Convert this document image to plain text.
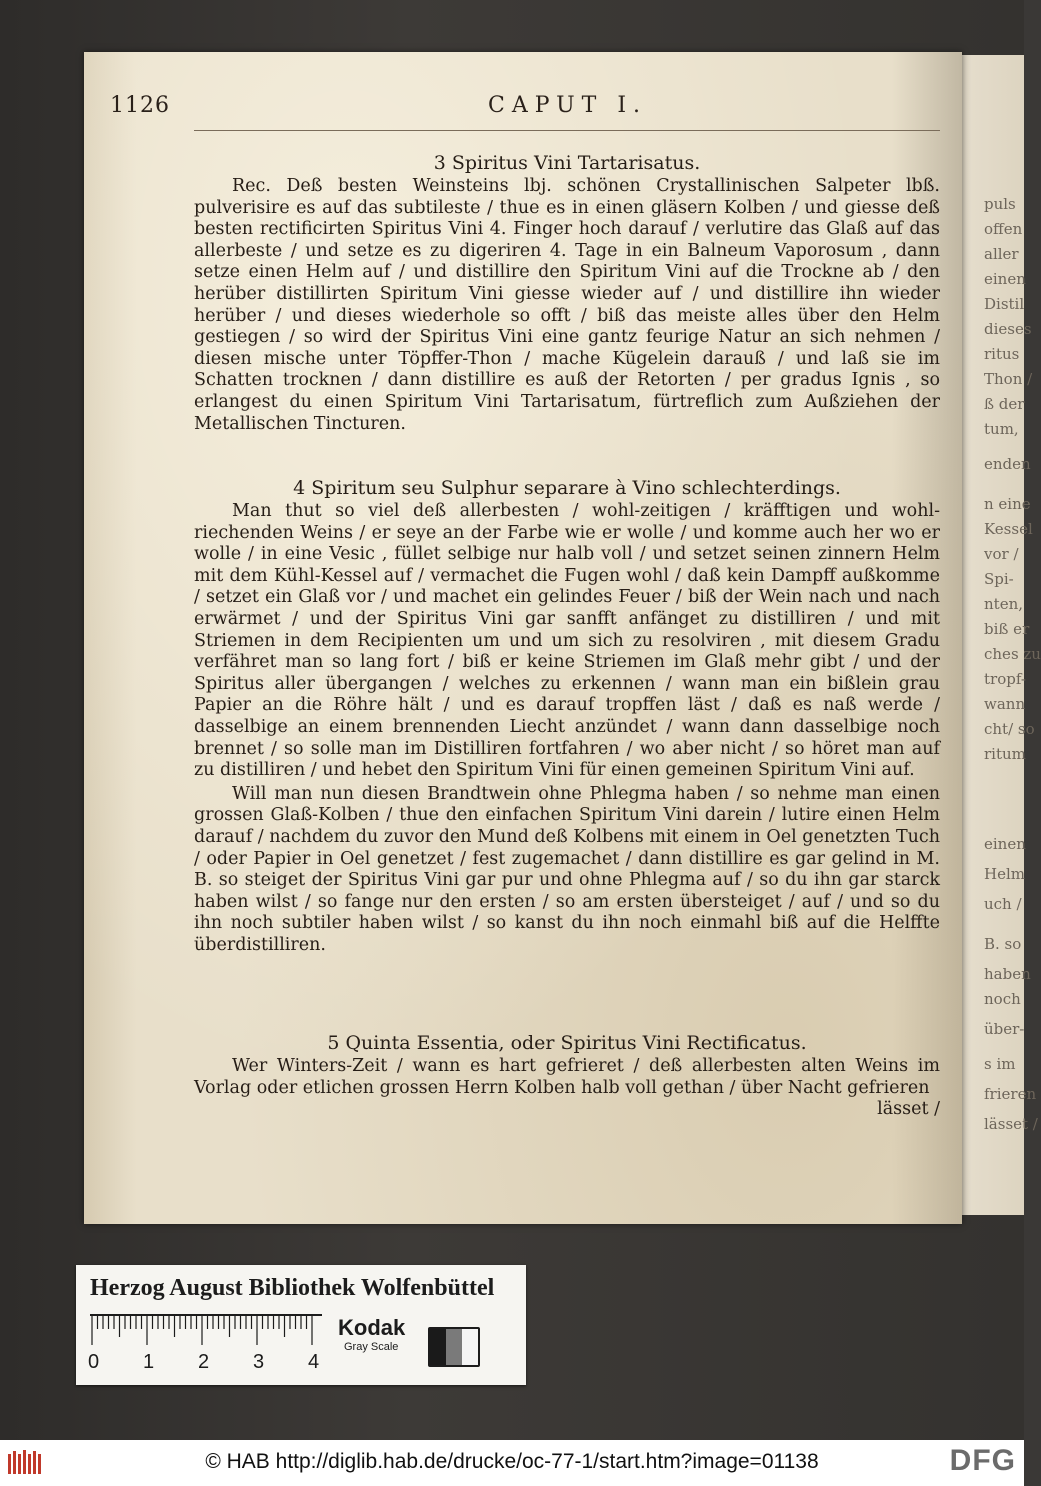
puls
offen
aller
einen
Distil
dieses
ritus
Thon /
ß der
tum,
enden
n eine
Kessel
vor /
Spi-
nten,
biß er
ches zu
tropf-
wann
cht/ so
ritum
einen
Helm
uch /
B. so
haben
noch
über-
s im
frieren
lässet /
1126	CAPUT I.
3 Spiritus Vini Tartarisatus.

Rec. Deß besten Weinsteins lbj. schönen Crystallinischen Salpeter lbß. pulverisire es auf das subtileste / thue es in einen gläsern Kolben / und giesse deß besten rectificirten Spiritus Vini 4. Finger hoch darauf / verlutire das Glaß auf das allerbeste / und setze es zu digeriren 4. Tage in ein Balneum Vaporosum , dann setze einen Helm auf / und distillire den Spiritum Vini auf die Trockne ab / den herüber distillirten Spiritum Vini giesse wieder auf / und distillire ihn wieder herüber / und dieses wiederhole so offt / biß das meiste alles über den Helm gestiegen / so wird der Spiritus Vini eine gantz feurige Natur an sich nehmen / diesen mische unter Töpffer-Thon / mache Kügelein darauß / und laß sie im Schatten trocknen / dann distillire es auß der Retorten / per gradus Ignis , so erlangest du einen Spiritum Vini Tartarisatum, fürtreflich zum Außziehen der Metallischen Tincturen.

4 Spiritum seu Sulphur separare à Vino schlechterdings.

Man thut so viel deß allerbesten / wohl-zeitigen / kräfftigen und wohl-riechenden Weins / er seye an der Farbe wie er wolle / und komme auch her wo er wolle / in eine Vesic , füllet selbige nur halb voll / und setzet seinen zinnern Helm mit dem Kühl-Kessel auf / vermachet die Fugen wohl / daß kein Dampff außkomme / setzet ein Glaß vor / und machet ein gelindes Feuer / biß der Wein nach und nach erwärmet / und der Spiritus Vini gar sanfft anfänget zu distilliren / und mit Striemen in dem Recipienten um und um sich zu resolviren , mit diesem Gradu verfähret man so lang fort / biß er keine Striemen im Glaß mehr gibt / und der Spiritus aller übergangen / welches zu erkennen / wann man ein bißlein grau Papier an die Röhre hält / und es darauf tropffen läst / daß es naß werde / dasselbige an einem brennenden Liecht anzündet / wann dann dasselbige noch brennet / so solle man im Distilliren fortfahren / wo aber nicht / so höret man auf zu distilliren / und hebet den Spiritum Vini für einen gemeinen Spiritum Vini auf.

Will man nun diesen Brandtwein ohne Phlegma haben / so nehme man einen grossen Glaß-Kolben / thue den einfachen Spiritum Vini darein / lutire einen Helm darauf / nachdem du zuvor den Mund deß Kolbens mit einem in Oel genetzten Tuch / oder Papier in Oel genetzet / fest zugemachet / dann distillire es gar gelind in M. B. so steiget der Spiritus Vini gar pur und ohne Phlegma auf / so du ihn gar starck haben wilst / so fange nur den ersten / so am ersten übersteiget / auf / und so du ihn noch subtiler haben wilst / so kanst du ihn noch einmahl biß auf die Helffte überdistilliren.

5 Quinta Essentia, oder Spiritus Vini Rectificatus.

Wer Winters-Zeit / wann es hart gefrieret / deß allerbesten alten Weins im Vorlag oder etlichen grossen Herrn Kolben halb voll gethan / über Nacht gefrieren

lässet /
Herzog August Bibliothek Wolfenbüttel
0 1 2 3 4
Kodak
Gray Scale
© HAB http://diglib.hab.de/drucke/oc-77-1/start.htm?image=01138	DFG
